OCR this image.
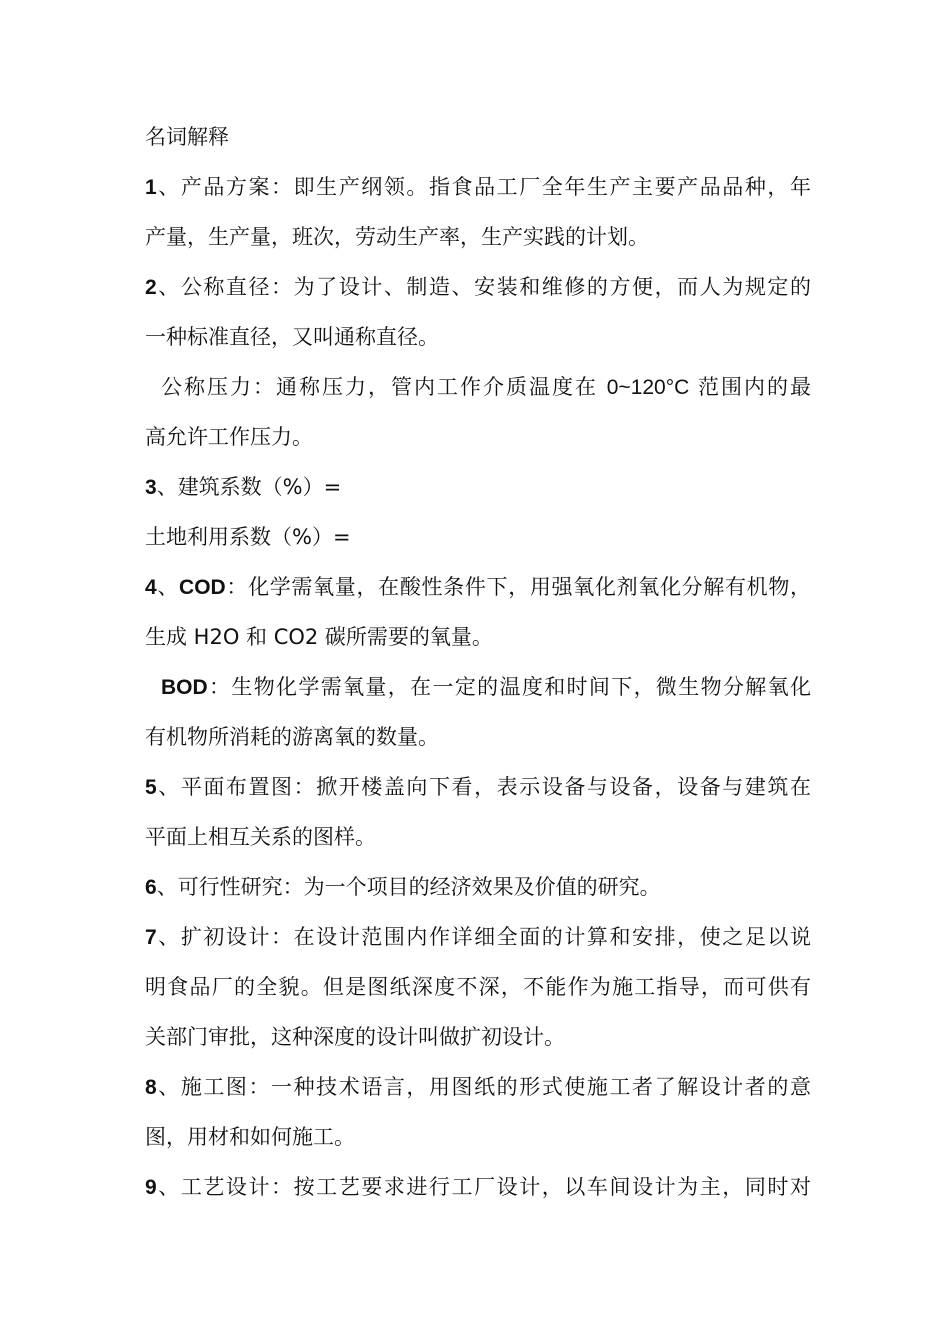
名词解释
1、产品方案：即生产纲领。指食品工厂全年生产主要产品品种，年
产量，生产量，班次，劳动生产率，生产实践的计划。
2、公称直径：为了设计、制造、安装和维修的方便，而人为规定的
一种标准直径，又叫通称直径。
公称压力：通称压力，管内工作介质温度在 0~120°C 范围内的最
高允许工作压力。
3、建筑系数（%）=
土地利用系数（%）=
4、COD：化学需氧量，在酸性条件下，用强氧化剂氧化分解有机物，
生成 H2O 和 CO2 碳所需要的氧量。
BOD：生物化学需氧量，在一定的温度和时间下，微生物分解氧化
有机物所消耗的游离氧的数量。
5、平面布置图：掀开楼盖向下看，表示设备与设备，设备与建筑在
平面上相互关系的图样。
6、可行性研究：为一个项目的经济效果及价值的研究。
7、扩初设计：在设计范围内作详细全面的计算和安排，使之足以说
明食品厂的全貌。但是图纸深度不深，不能作为施工指导，而可供有
关部门审批，这种深度的设计叫做扩初设计。
8、施工图：一种技术语言，用图纸的形式使施工者了解设计者的意
图，用材和如何施工。
9、工艺设计：按工艺要求进行工厂设计，以车间设计为主，同时对
